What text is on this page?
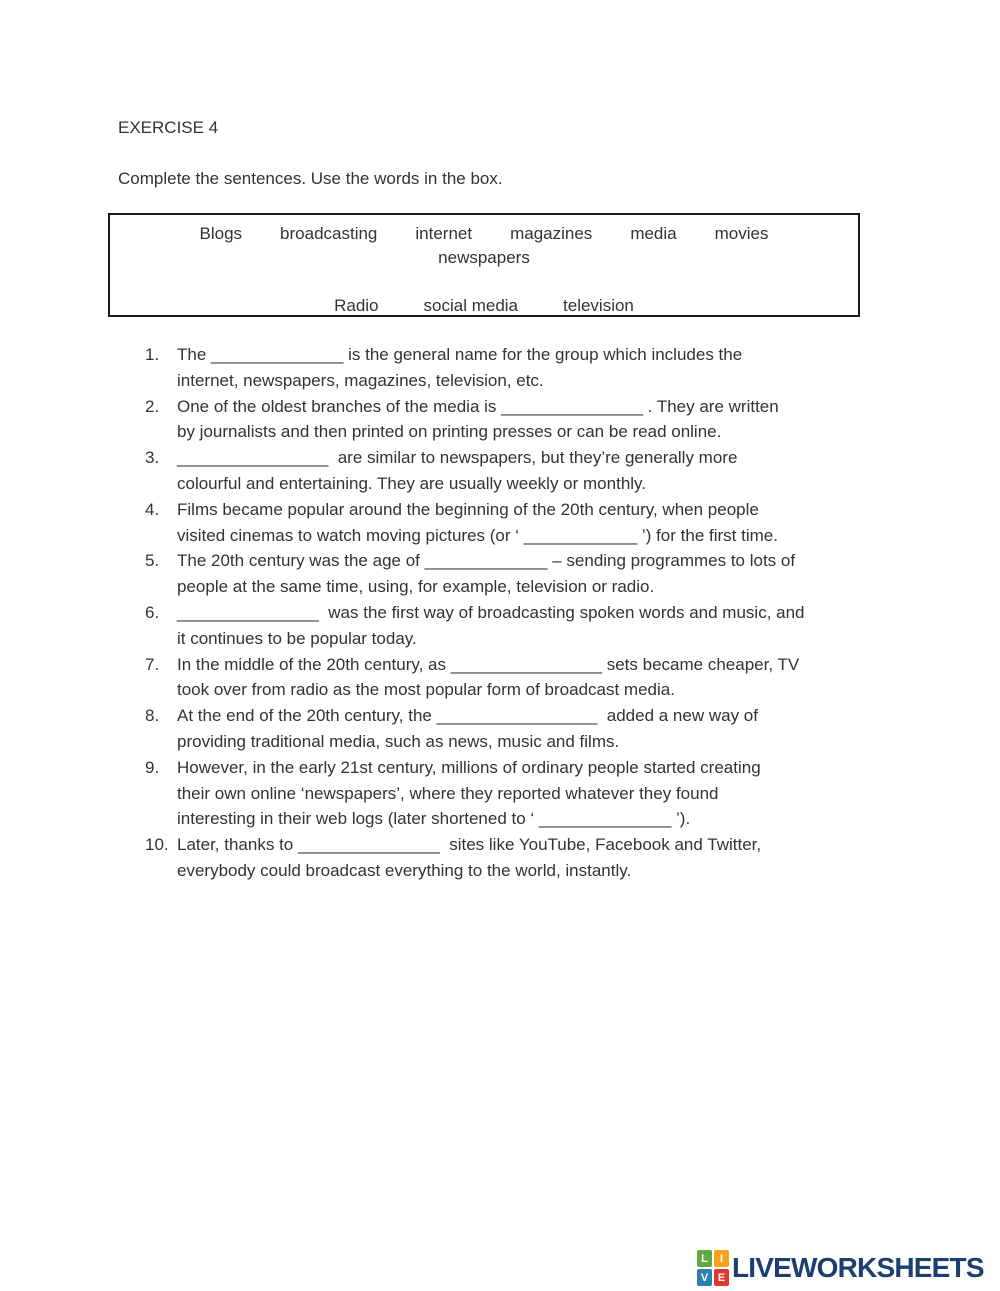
EXERCISE 4
Complete the sentences. Use the words in the box.
Blogs broadcasting internet magazines media movies
newspapers
Radio	social media	television
1.	The ______________ is the general name for the group which includes the
internet, newspapers, magazines, television, etc.
2.	One of the oldest branches of the media is _______________ . They are written
by journalists and then printed on printing presses or can be read online.
3.	________________  are similar to newspapers, but they’re generally more
colourful and entertaining. They are usually weekly or monthly.
4.	Films became popular around the beginning of the 20th century, when people
visited cinemas to watch moving pictures (or ‘ ____________ ’) for the first time.
5.	The 20th century was the age of _____________ – sending programmes to lots of
people at the same time, using, for example, television or radio.
6.	_______________  was the first way of broadcasting spoken words and music, and
it continues to be popular today.
7.	In the middle of the 20th century, as ________________ sets became cheaper, TV
took over from radio as the most popular form of broadcast media.
8.	At the end of the 20th century, the _________________  added a new way of
providing traditional media, such as news, music and films.
9.	However, in the early 21st century, millions of ordinary people started creating
their own online ‘newspapers’, where they reported whatever they found
interesting in their web logs (later shortened to ‘ ______________ ’).
10. Later, thanks to _______________  sites like YouTube, Facebook and Twitter,
everybody could broadcast everything to the world, instantly.
L	I
V E LIVEWORKSHEETS
